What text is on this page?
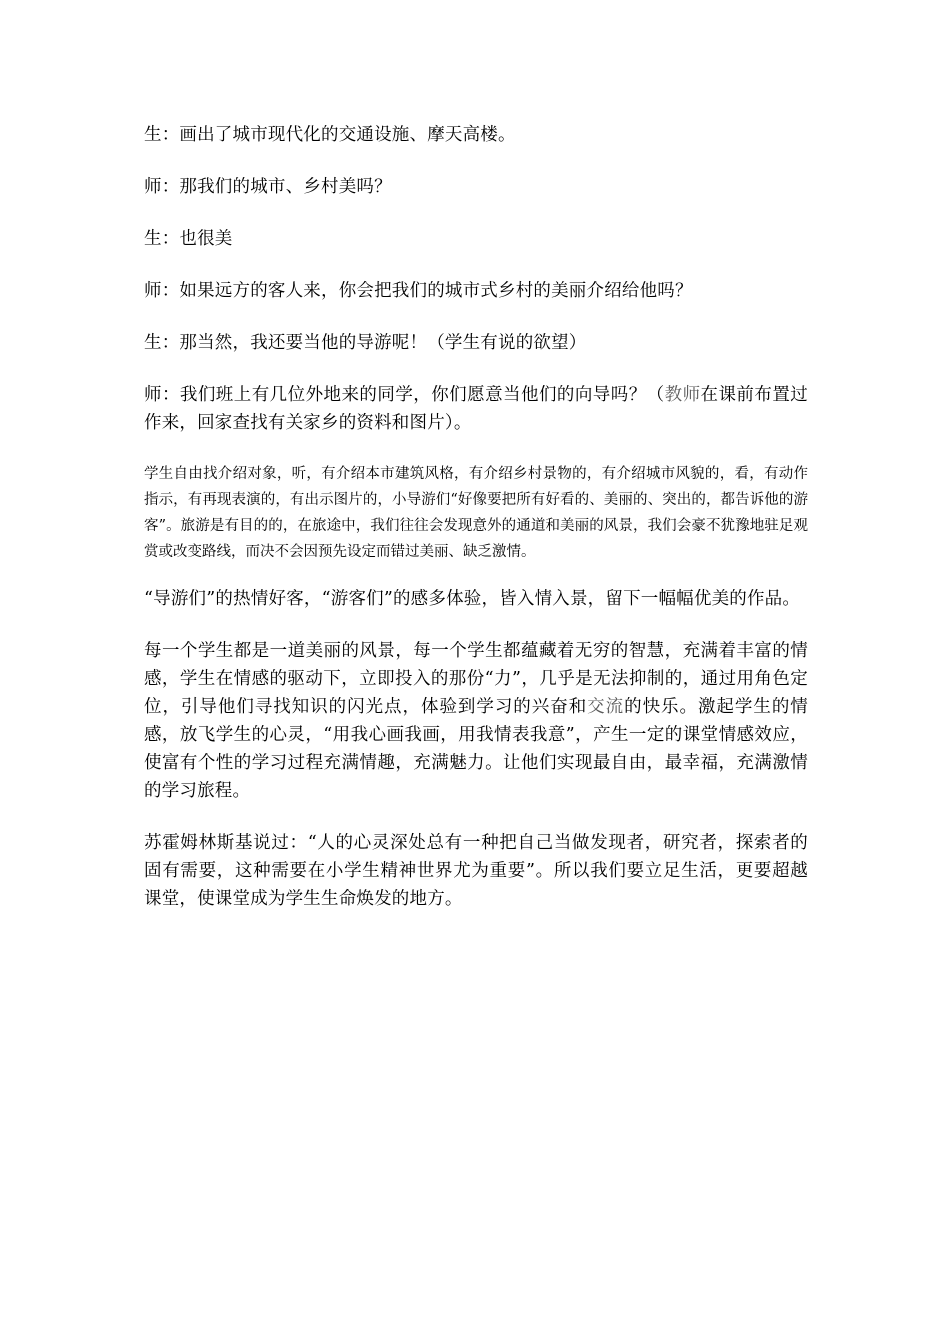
生：画出了城市现代化的交通设施、摩天高楼。

师：那我们的城市、乡村美吗？

生：也很美

师：如果远方的客人来，你会把我们的城市式乡村的美丽介绍给他吗？

生：那当然，我还要当他的导游呢！（学生有说的欲望）

师：我们班上有几位外地来的同学，你们愿意当他们的向导吗？（教师在课前布置过作来，回家查找有关家乡的资料和图片）。

学生自由找介绍对象，听，有介绍本市建筑风格，有介绍乡村景物的，有介绍城市风貌的，看，有动作指示，有再现表演的，有出示图片的，小导游们“好像要把所有好看的、美丽的、突出的，都告诉他的游客”。旅游是有目的的，在旅途中，我们往往会发现意外的通道和美丽的风景，我们会豪不犹豫地驻足观赏或改变路线，而决不会因预先设定而错过美丽、缺乏激情。

“导游们”的热情好客，“游客们”的感多体验，皆入情入景，留下一幅幅优美的作品。

每一个学生都是一道美丽的风景，每一个学生都蕴藏着无穷的智慧，充满着丰富的情感，学生在情感的驱动下，立即投入的那份“力”，几乎是无法抑制的，通过用角色定位，引导他们寻找知识的闪光点，体验到学习的兴奋和交流的快乐。激起学生的情感，放飞学生的心灵，“用我心画我画，用我情表我意”，产生一定的课堂情感效应，使富有个性的学习过程充满情趣，充满魅力。让他们实现最自由，最幸福，充满激情的学习旅程。

苏霍姆林斯基说过：“人的心灵深处总有一种把自己当做发现者，研究者，探索者的固有需要，这种需要在小学生精神世界尤为重要”。所以我们要立足生活，更要超越课堂，使课堂成为学生生命焕发的地方。
